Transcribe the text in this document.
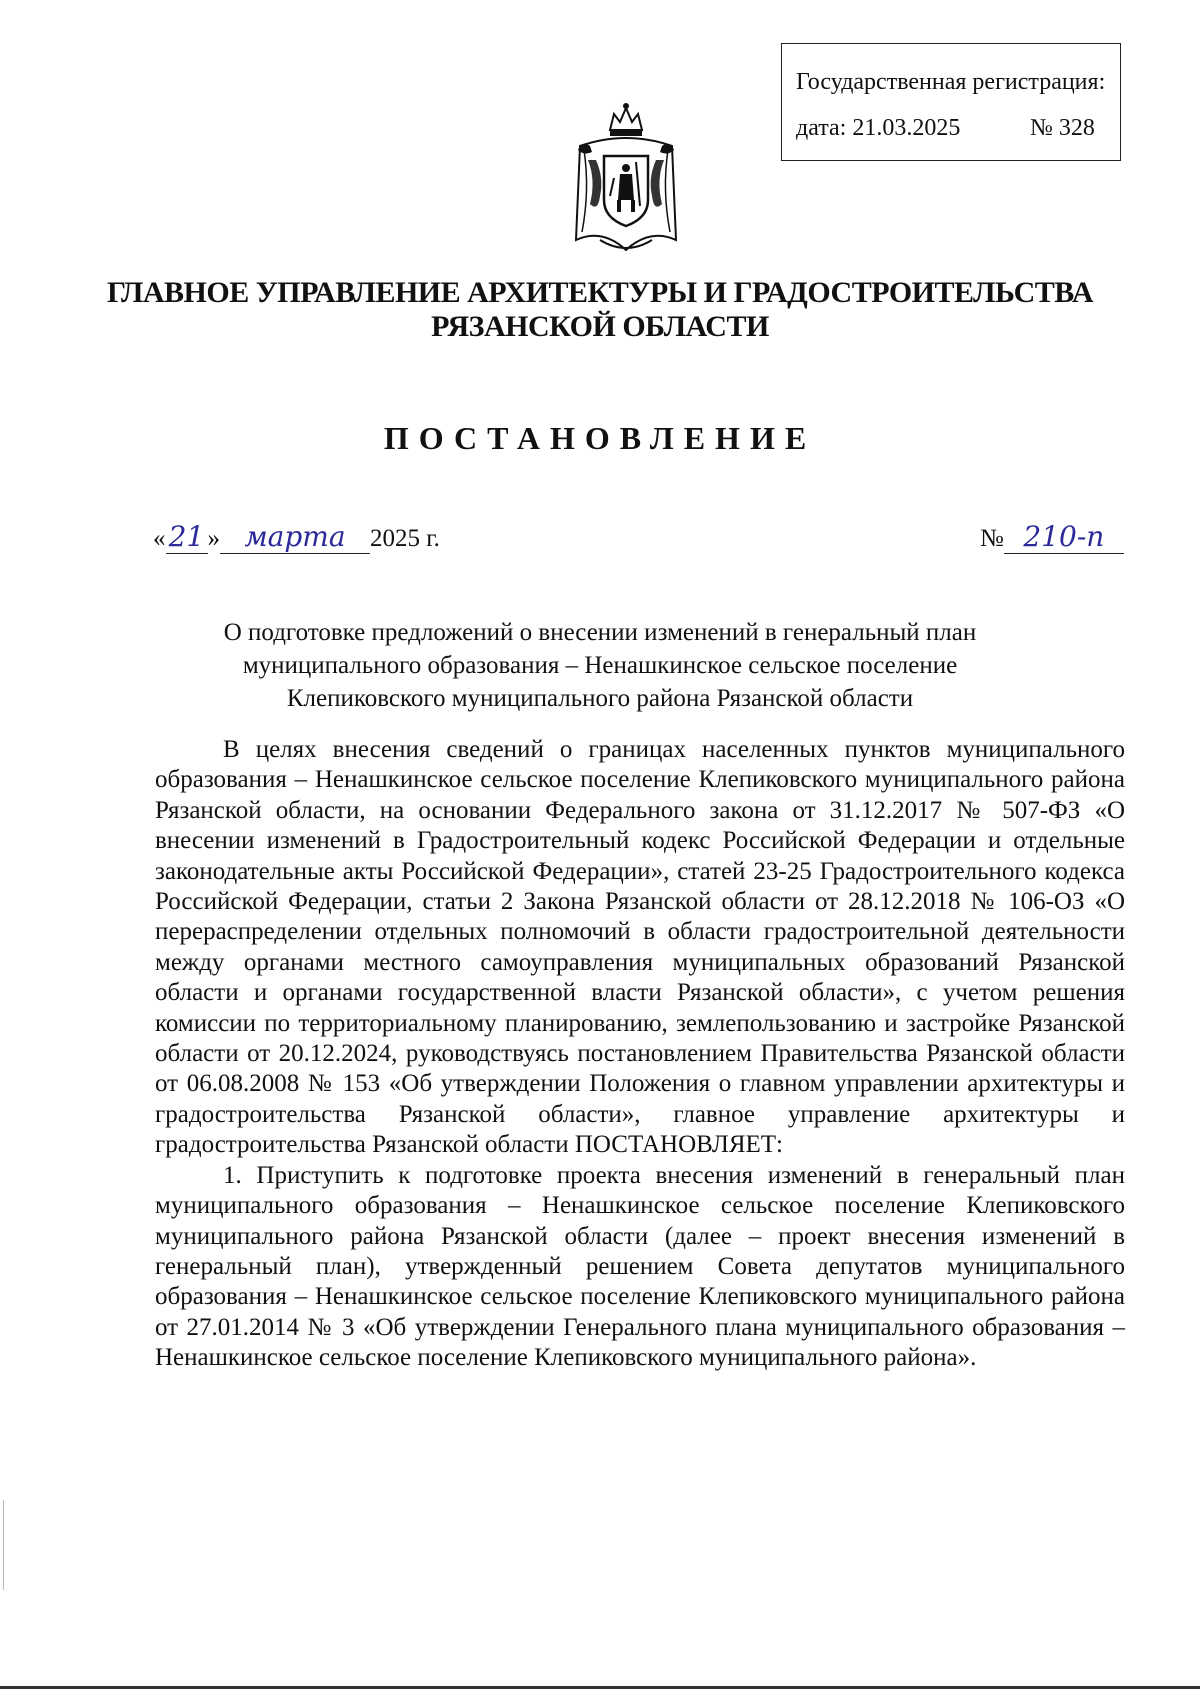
Государственная регистрация:
дата: 21.03.2025	№ 328
ГЛАВНОЕ УПРАВЛЕНИЕ АРХИТЕКТУРЫ И ГРАДОСТРОИТЕЛЬСТВА
РЯЗАНСКОЙ ОБЛАСТИ
ПОСТАНОВЛЕНИЕ
« 21 » марта 2025 г.	№ 210-п
О подготовке предложений о внесении изменений в генеральный план
муниципального образования – Ненашкинское сельское поселение
Клепиковского муниципального района Рязанской области

В целях внесения сведений о границах населенных пунктов муниципального образования – Ненашкинское сельское поселение Клепиковского муниципального района Рязанской области, на основании Федерального закона от 31.12.2017 № 507-ФЗ «О внесении изменений в Градостроительный кодекс Российской Федерации и отдельные законодательные акты Российской Федерации», статей 23-25 Градостроительного кодекса Российской Федерации, статьи 2 Закона Рязанской области от 28.12.2018 № 106-ОЗ «О перераспределении отдельных полномочий в области градостроительной деятельности между органами местного самоуправления муниципальных образований Рязанской области и органами государственной власти Рязанской области», с учетом решения комиссии по территориальному планированию, землепользованию и застройке Рязанской области от 20.12.2024, руководствуясь постановлением Правительства Рязанской области от 06.08.2008 № 153 «Об утверждении Положения о главном управлении архитектуры и градостроительства Рязанской области», главное управление архитектуры и градостроительства Рязанской области ПОСТАНОВЛЯЕТ:

1. Приступить к подготовке проекта внесения изменений в генеральный план муниципального образования – Ненашкинское сельское поселение Клепиковского муниципального района Рязанской области (далее – проект внесения изменений в генеральный план), утвержденный решением Совета депутатов муниципального образования – Ненашкинское сельское поселение Клепиковского муниципального района от 27.01.2014 № 3 «Об утверждении Генерального плана муниципального образования – Ненашкинское сельское поселение Клепиковского муниципального района».
